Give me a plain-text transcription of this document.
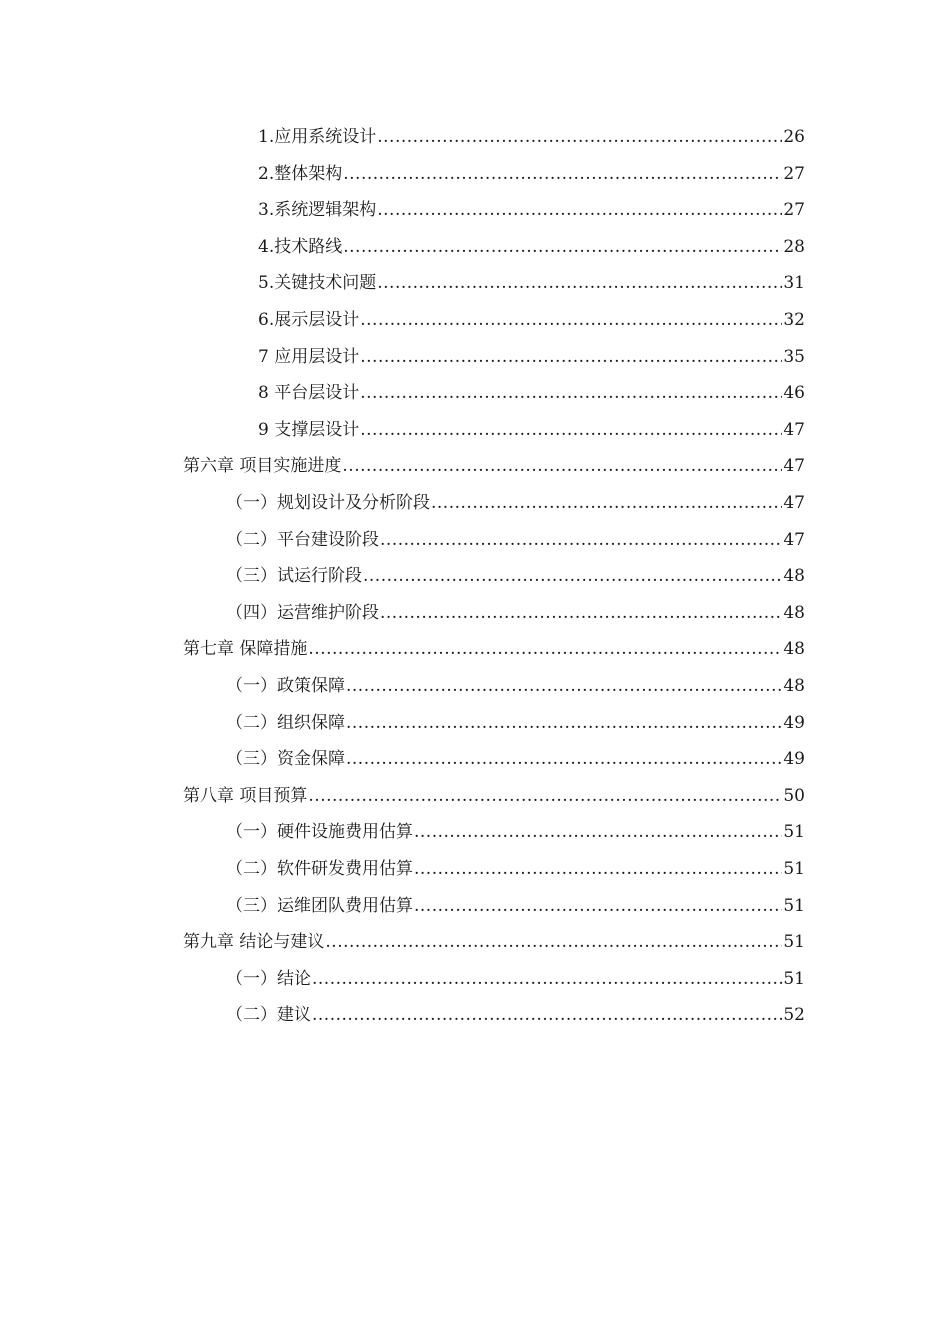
1.应用系统设计 .....	26
2.整体架构 .....	27
3.系统逻辑架构 .....	27
4.技术路线 .....	28
5.关键技术问题 .....	31
6.展示层设计 .....	32
7 应用层设计 .....	35
8 平台层设计 .....	46
9 支撑层设计 .....	47
第六章 项目实施进度 .....	47
（一）规划设计及分析阶段 .....	47
（二）平台建设阶段 .....	47
（三）试运行阶段 .....	48
（四）运营维护阶段 .....	48
第七章 保障措施 .....	48
（一）政策保障 .....	48
（二）组织保障 .....	49
（三）资金保障 .....	49
第八章 项目预算 .....	50
（一）硬件设施费用估算 .....	51
（二）软件研发费用估算 .....	51
（三）运维团队费用估算 .....	51
第九章 结论与建议 .....	51
（一）结论 .....	51
（二）建议 .....	52
